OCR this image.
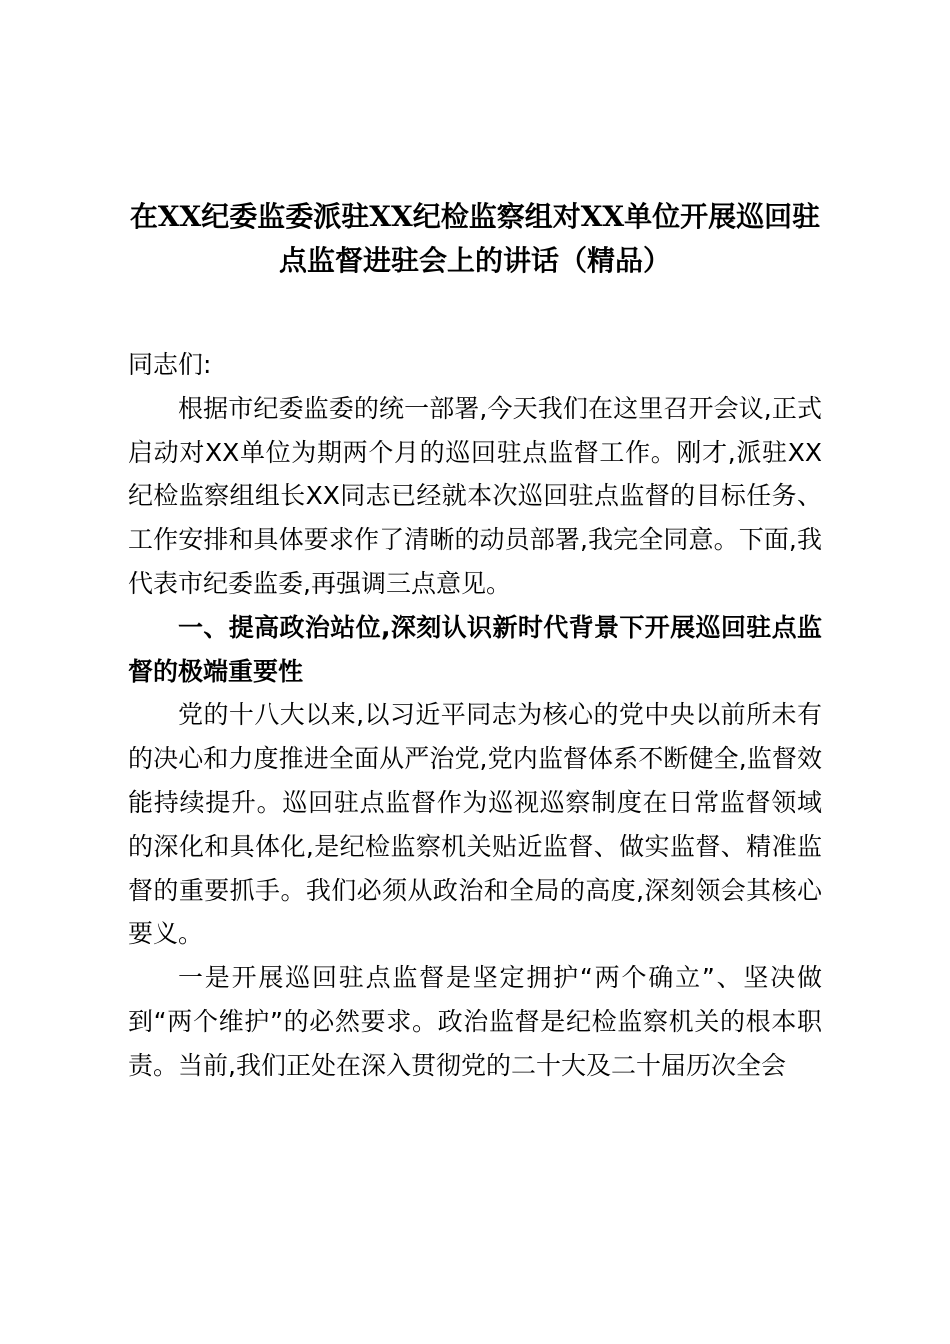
在XX纪委监委派驻XX纪检监察组对XX单位开展巡回驻
点监督进驻会上的讲话（精品）

同志们:

根据市纪委监委的统一部署,今天我们在这里召开会议,正式启动对XX单位为期两个月的巡回驻点监督工作。刚才,派驻XX纪检监察组组长XX同志已经就本次巡回驻点监督的目标任务、工作安排和具体要求作了清晰的动员部署,我完全同意。下面,我代表市纪委监委,再强调三点意见。

一、提高政治站位,深刻认识新时代背景下开展巡回驻点监督的极端重要性

党的十八大以来,以习近平同志为核心的党中央以前所未有的决心和力度推进全面从严治党,党内监督体系不断健全,监督效能持续提升。巡回驻点监督作为巡视巡察制度在日常监督领域的深化和具体化,是纪检监察机关贴近监督、做实监督、精准监督的重要抓手。我们必须从政治和全局的高度,深刻领会其核心要义。

一是开展巡回驻点监督是坚定拥护“两个确立”、坚决做到“两个维护”的必然要求。政治监督是纪检监察机关的根本职责。当前,我们正处在深入贯彻党的二十大及二十届历次全会
